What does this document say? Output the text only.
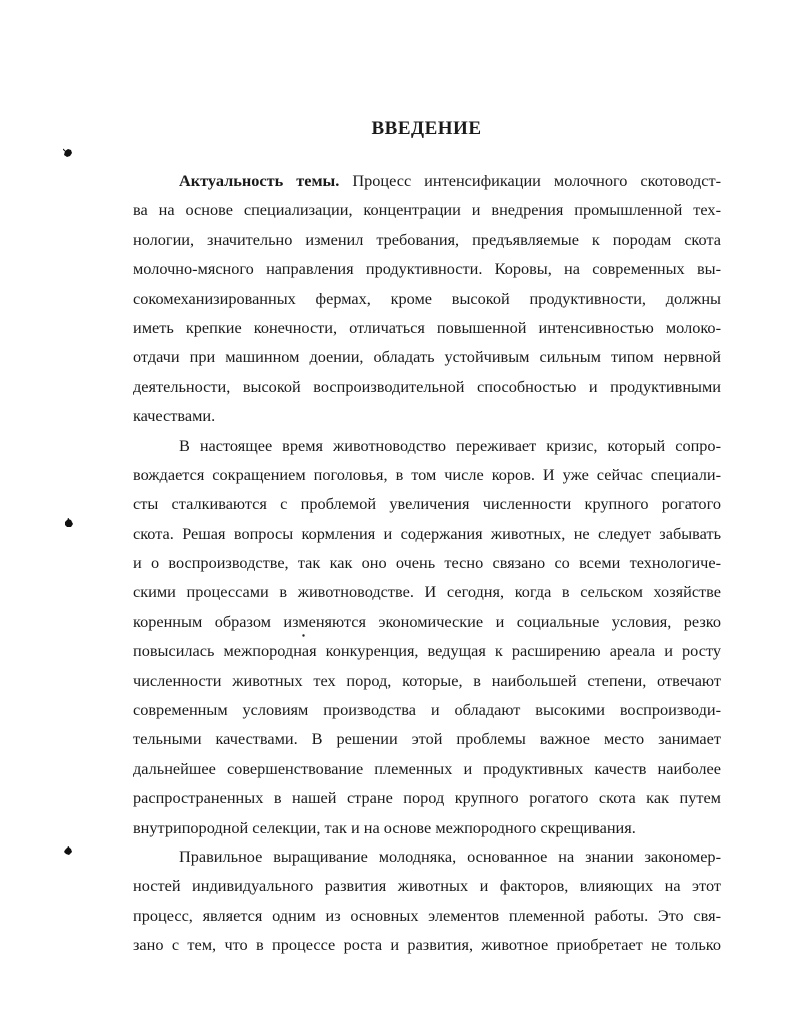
ВВЕДЕНИЕ
Актуальность темы. Процесс интенсификации молочного скотоводст-
ва на основе специализации, концентрации и внедрения промышленной тех-
нологии, значительно изменил требования, предъявляемые к породам скота
молочно-мясного направления продуктивности. Коровы, на современных вы-
сокомеханизированных фермах, кроме высокой продуктивности, должны
иметь крепкие конечности, отличаться повышенной интенсивностью молоко-
отдачи при машинном доении, обладать устойчивым сильным типом нервной
деятельности, высокой воспроизводительной способностью и продуктивными
качествами.
В настоящее время животноводство переживает кризис, который сопро-
вождается сокращением поголовья, в том числе коров. И уже сейчас специали-
сты сталкиваются с проблемой увеличения численности крупного рогатого
скота. Решая вопросы кормления и содержания животных, не следует забывать
и о воспроизводстве, так как оно очень тесно связано со всеми технологиче-
скими процессами в животноводстве. И сегодня, когда в сельском хозяйстве
коренным образом изменяются экономические и социальные условия, резко
повысилась межпородная конкуренция, ведущая к расширению ареала и росту
численности животных тех пород, которые, в наибольшей степени, отвечают
современным условиям производства и обладают высокими воспроизводи-
тельными качествами. В решении этой проблемы важное место занимает
дальнейшее совершенствование племенных и продуктивных качеств наиболее
распространенных в нашей стране пород крупного рогатого скота как путем
внутрипородной селекции, так и на основе межпородного скрещивания.
Правильное выращивание молодняка, основанное на знании закономер-
ностей индивидуального развития животных и факторов, влияющих на этот
процесс, является одним из основных элементов племенной работы. Это свя-
зано с тем, что в процессе роста и развития, животное приобретает не только
